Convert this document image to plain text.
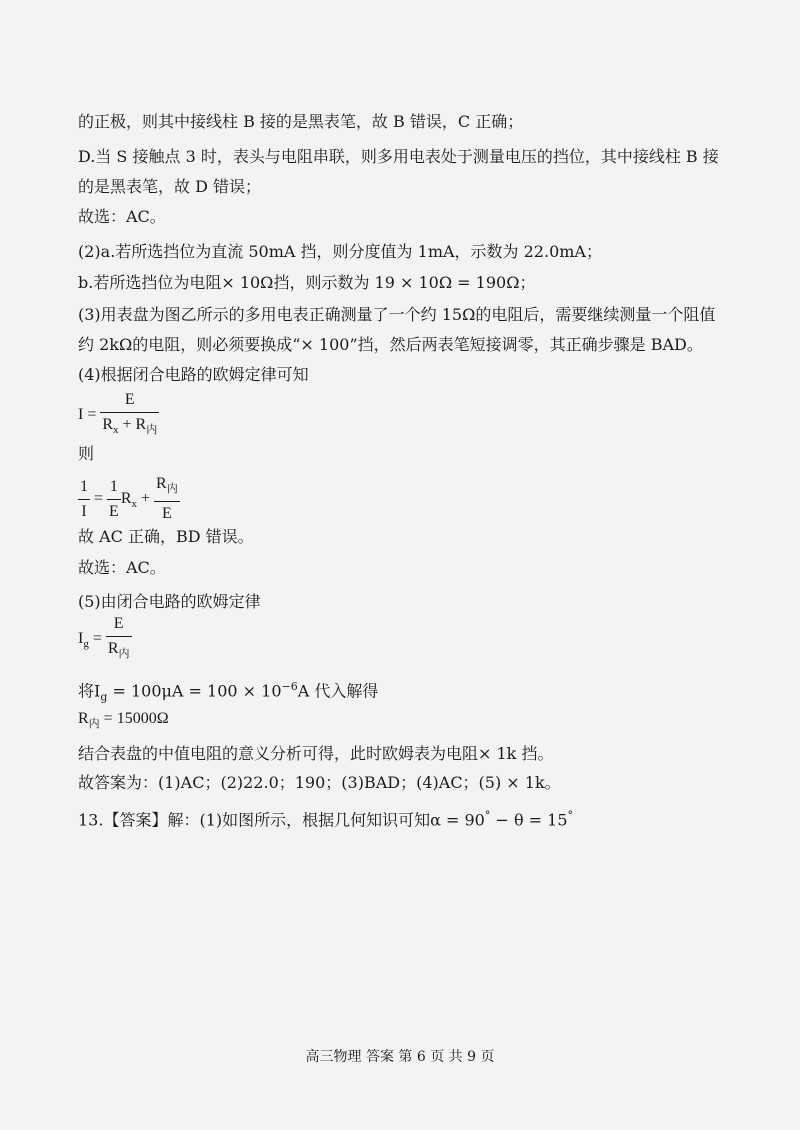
的正极，则其中接线柱 B 接的是黑表笔，故 B 错误，C 正确；
D.当 S 接触点 3 时，表头与电阻串联，则多用电表处于测量电压的挡位，其中接线柱 B 接
的是黑表笔，故 D 错误；
故选：AC。
(2)a.若所选挡位为直流 50mA 挡，则分度值为 1mA，示数为 22.0mA；
b.若所选挡位为电阻× 10Ω挡，则示数为 19 × 10Ω = 190Ω；
(3)用表盘为图乙所示的多用电表正确测量了一个约 15Ω的电阻后，需要继续测量一个阻值
约 2kΩ的电阻，则必须要换成“× 100”挡，然后两表笔短接调零，其正确步骤是 BAD。
(4)根据闭合电路的欧姆定律可知
$I = \frac{E}{R_x + R_内}$
则
$\frac{1}{I} = \frac{1}{E} R_x + \frac{R_内}{E}$
故 AC 正确，BD 错误。
故选：AC。
(5)由闭合电路的欧姆定律
$I_g = \frac{E}{R_内}$
将$I_g = 100\mu A = 100 \times 10^{-6}A$ 代入解得
$R_内 = 15000\Omega$
结合表盘的中值电阻的意义分析可得，此时欧姆表为电阻× 1k 挡。
故答案为：(1)AC；(2)22.0；190；(3)BAD；(4)AC；(5) × 1k。
13.【答案】解：(1)如图所示，根据几何知识可知α = 90° − θ = 15°
高三物理 答案 第 6 页 共 9 页
